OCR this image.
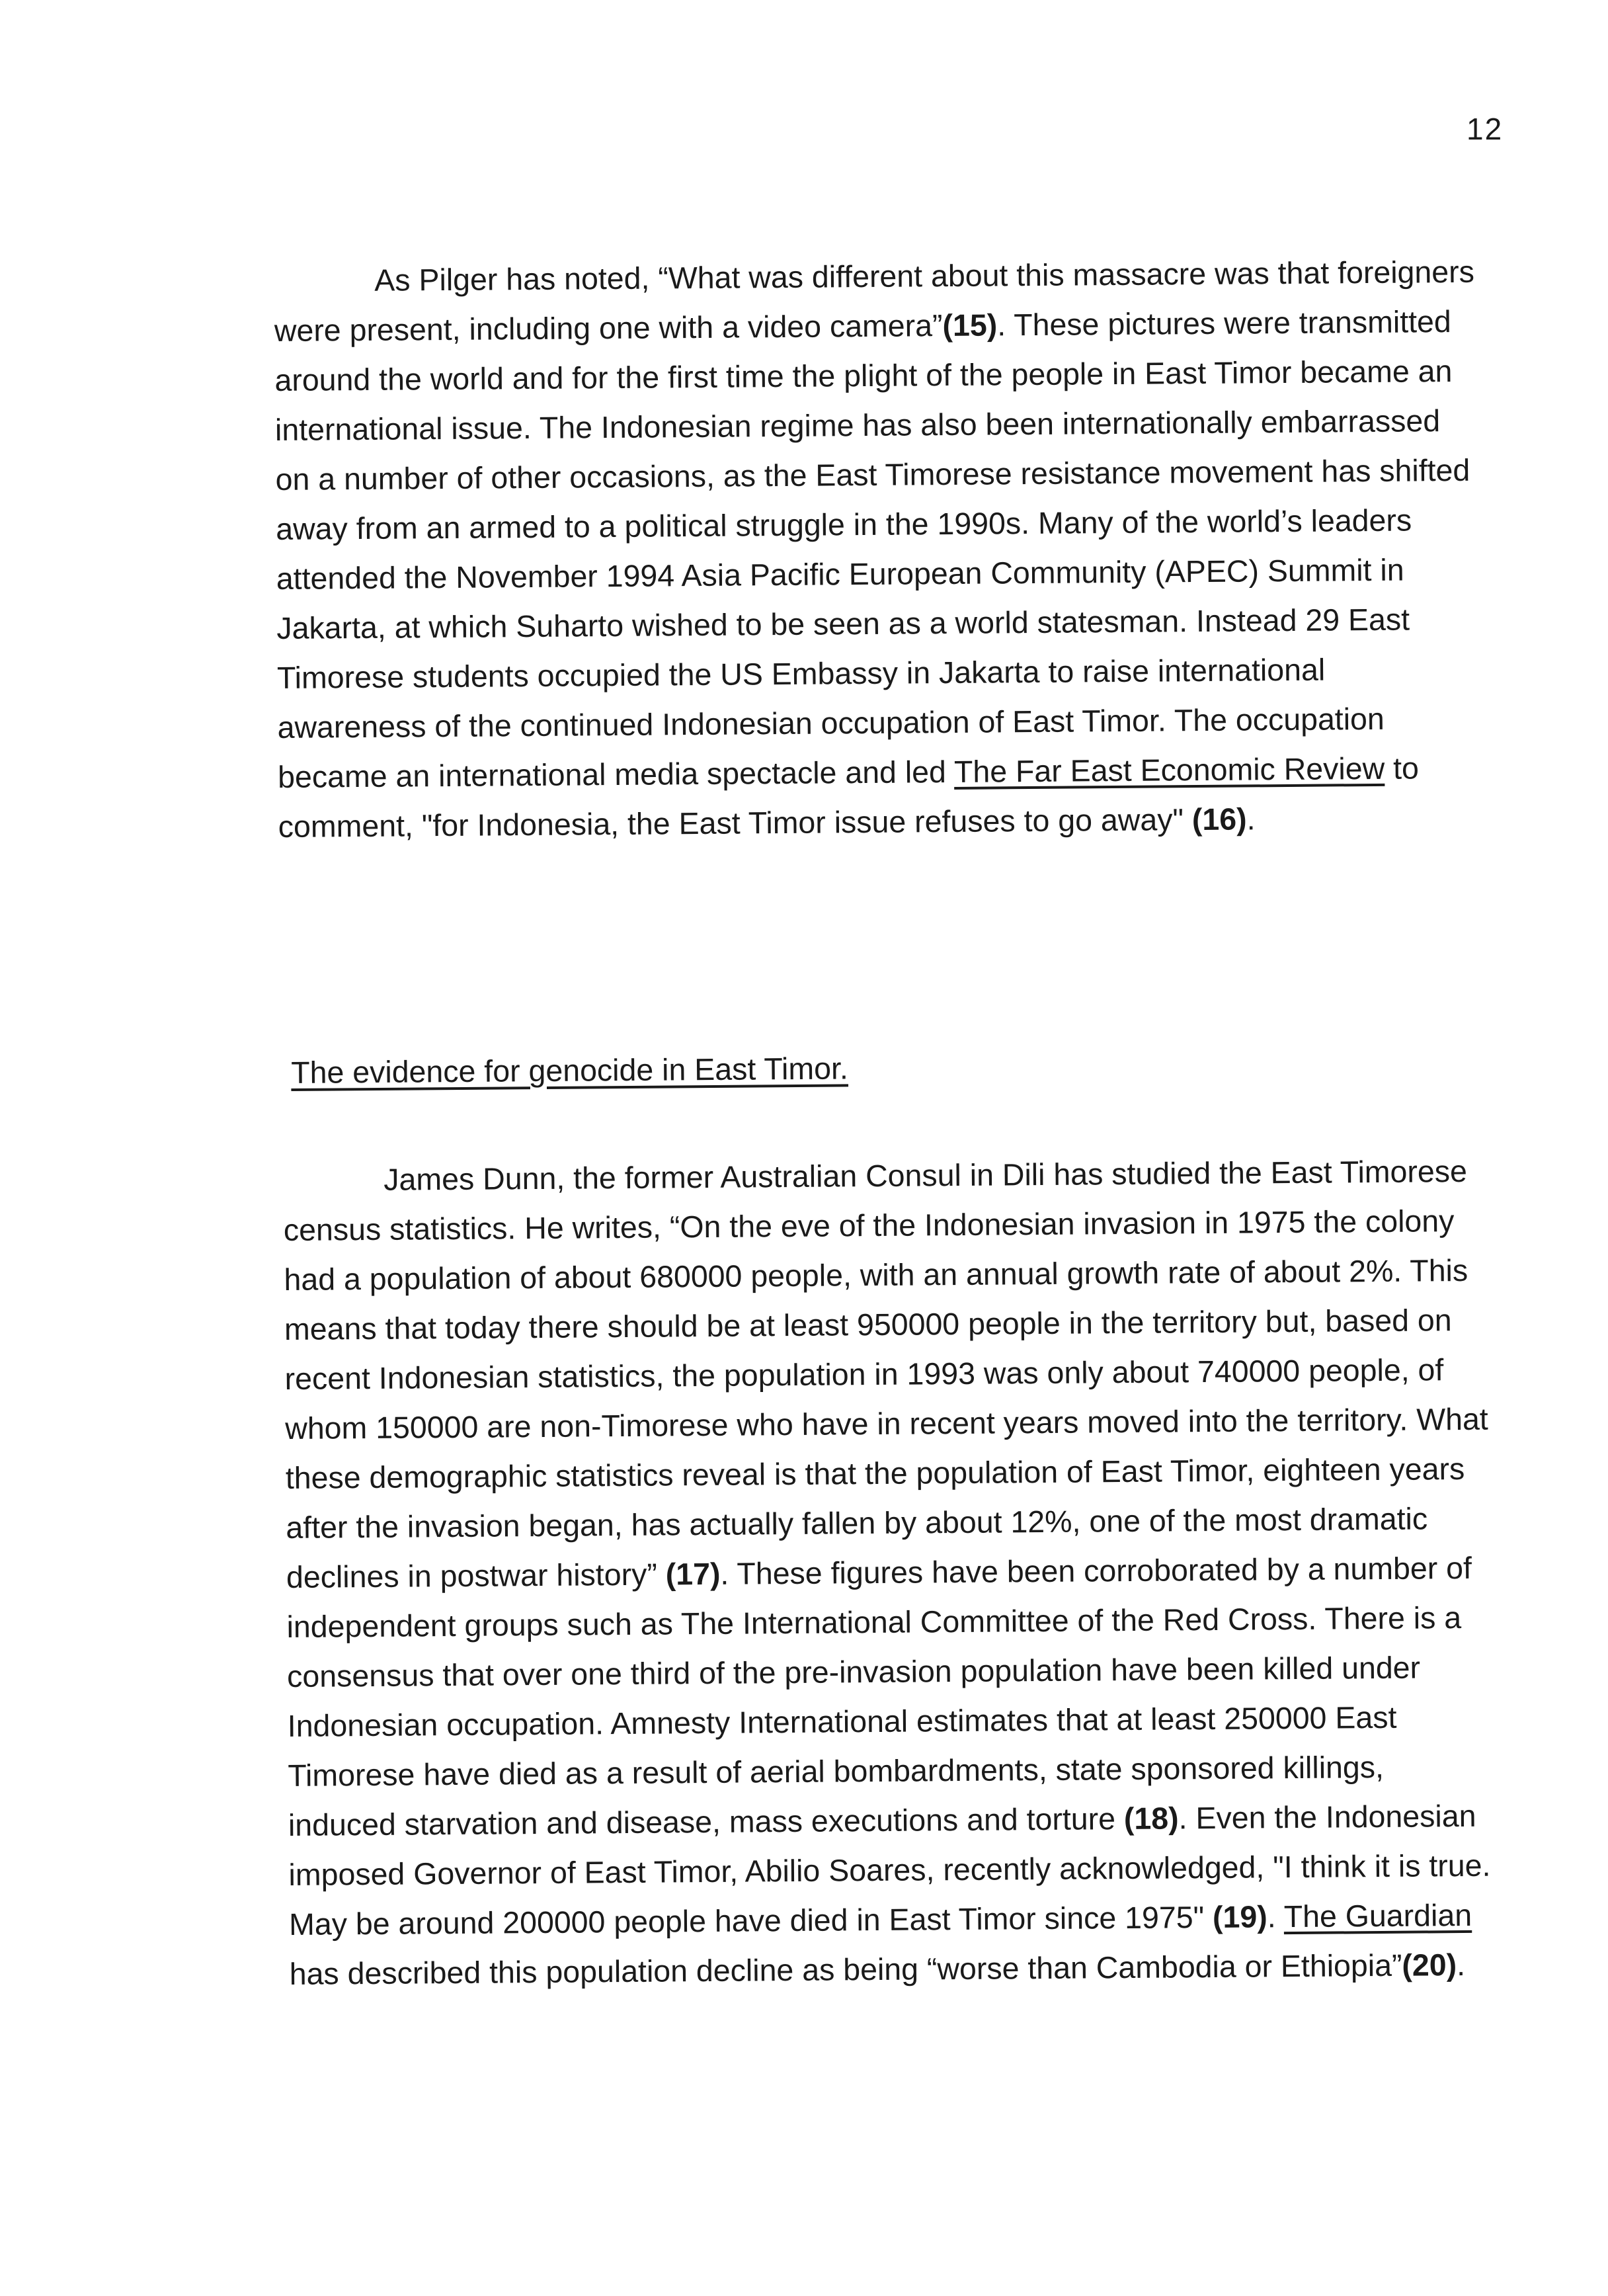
12

As Pilger has noted, “What was different about this massacre was that foreigners were present, including one with a video camera”(15). These pictures were transmitted around the world and for the first time the plight of the people in East Timor became an international issue. The Indonesian regime has also been internationally embarrassed on a number of other occasions, as the East Timorese resistance movement has shifted away from an armed to a political struggle in the 1990s. Many of the world’s leaders attended the November 1994 Asia Pacific European Community (APEC) Summit in Jakarta, at which Suharto wished to be seen as a world statesman. Instead 29 East Timorese students occupied the US Embassy in Jakarta to raise international awareness of the continued Indonesian occupation of East Timor. The occupation became an international media spectacle and led The Far East Economic Review to comment, "for Indonesia, the East Timor issue refuses to go away" (16).

The evidence for genocide in East Timor.

James Dunn, the former Australian Consul in Dili has studied the East Timorese census statistics. He writes, “On the eve of the Indonesian invasion in 1975 the colony had a population of about 680000 people, with an annual growth rate of about 2%. This means that today there should be at least 950000 people in the territory but, based on recent Indonesian statistics, the population in 1993 was only about 740000 people, of whom 150000 are non-Timorese who have in recent years moved into the territory. What these demographic statistics reveal is that the population of East Timor, eighteen years after the invasion began, has actually fallen by about 12%, one of the most dramatic declines in postwar history” (17). These figures have been corroborated by a number of independent groups such as The International Committee of the Red Cross. There is a consensus that over one third of the pre-invasion population have been killed under Indonesian occupation. Amnesty International estimates that at least 250000 East Timorese have died as a result of aerial bombardments, state sponsored killings, induced starvation and disease, mass executions and torture (18). Even the Indonesian imposed Governor of East Timor, Abilio Soares, recently acknowledged, "I think it is true. May be around 200000 people have died in East Timor since 1975" (19). The Guardian has described this population decline as being “worse than Cambodia or Ethiopia”(20).
